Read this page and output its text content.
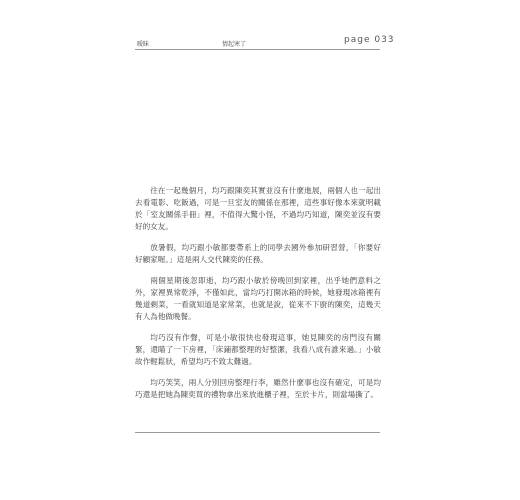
曖昧	情起寒了	page 033

往在一起幾個月，均巧跟陳奕其實並沒有什麼進展，兩個人也一起出去看電影、吃飯過，可是一旦室友的關係在那裡，這些事好像本來就明載於「室友關係手冊」裡，不值得大驚小怪，不過均巧知道，陳奕並沒有要好的女友。

放暑假，均巧跟小敏都要帶系上的同學去國外參加研習營，「你要好好顧家喔。」這是兩人交代陳奕的任務。

兩個星期後忽即逝，均巧跟小敏於傍晚回到家裡，出乎她們意料之外，家裡異常乾淨，不僅如此，當均巧打開冰箱的時候，她發現冰箱裡有幾道剩菜，一看就知道是家常菜，也就是說，從來不下廚的陳奕，這幾天有人為他做晚餐。

均巧沒有作聲，可是小敏很快也發現這事，她見陳奕的房門沒有關緊，還瞄了一下房裡，「床鋪都整理的好整潔，我看八成有誰來過。」小敏故作輕鬆狀，希望均巧不致太難過。

均巧笑笑，兩人分別回房整理行李，雖然什麼事也沒有確定，可是均巧還是把她為陳奕買的禮物拿出來放進櫃子裡，至於卡片，則當場撕了。
